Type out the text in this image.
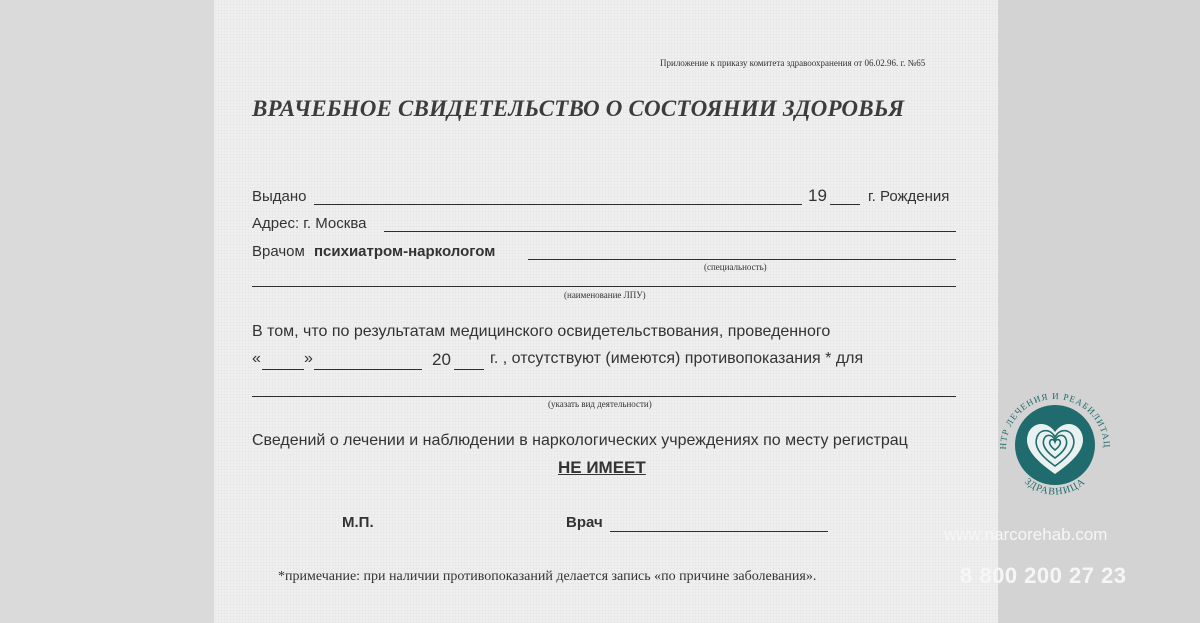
Приложение к приказу комитета здравоохранения от 06.02.96. г. №65
ВРАЧЕБНОЕ СВИДЕТЕЛЬСТВО О СОСТОЯНИИ ЗДОРОВЬЯ
Выдано	19	г. Рождения
Адрес: г. Москва
Врачом психиатром-наркологом
(специальность)
(наименование ЛПУ)
В том, что по результатам медицинского освидетельствования, проведенного
«	»	20 г. , отсутствуют (имеются) противопоказания * для
(указать вид деятельности)
Сведений о лечении и наблюдении в наркологических учреждениях по месту регистрац
НЕ ИМЕЕТ
М.П.	Врач
*примечание: при наличии противопоказаний делается запись «по причине заболевания».
НТР ЛЕЧЕНИЯ И РЕАБИЛИТАЦ
ЗДРАВНИЦА
www.narcorehab.com
8 800 200 27 23
